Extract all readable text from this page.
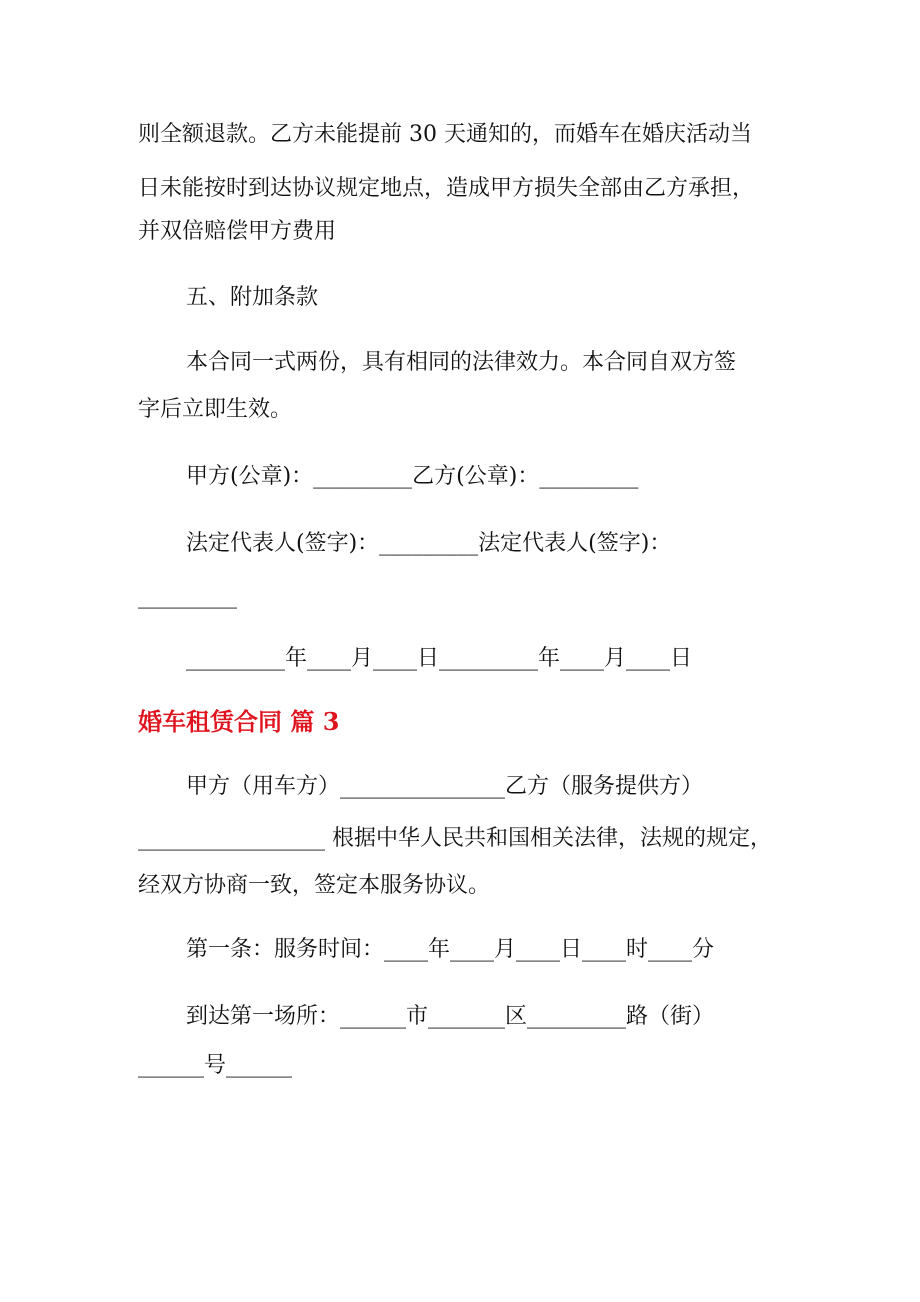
则全额退款。乙方未能提前 30 天通知的，而婚车在婚庆活动当
日未能按时到达协议规定地点，造成甲方损失全部由乙方承担，
并双倍赔偿甲方费用
五、附加条款
本合同一式两份，具有相同的法律效力。本合同自双方签
字后立即生效。
甲方(公章)：_________乙方(公章)：_________
法定代表人(签字)：_________法定代表人(签字)：
_________
_________年____月____日_________年____月____日
婚车租赁合同 篇 3
甲方（用车方）_______________乙方（服务提供方）
_________________ 根据中华人民共和国相关法律，法规的规定，
经双方协商一致，签定本服务协议。
第一条：服务时间：____年____月____日____时____分
到达第一场所：______市_______区_________路（街）
______号______
